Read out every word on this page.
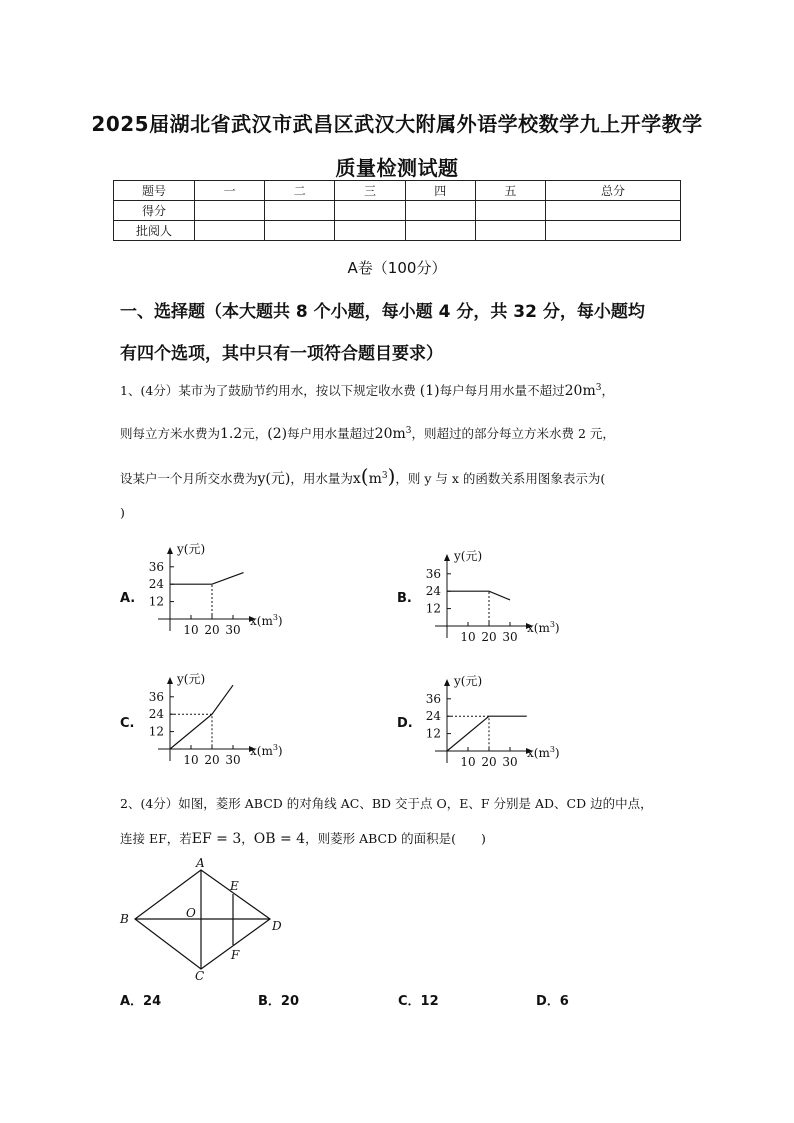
2025届湖北省武汉市武昌区武汉大附属外语学校数学九上开学教学
质量检测试题
题号	一	二	三	四	五	总分
得分						
批阅人						
A卷（100分）
一、选择题（本大题共 8 个小题，每小题 4 分，共 32 分，每小题均
有四个选项，其中只有一项符合题目要求）
1、(4分）某市为了鼓励节约用水，按以下规定收水费 (1)每户每月用水量不超过$20m^3$，
则每立方米水费为1.2元，(2)每户用水量超过$20m^3$，则超过的部分每立方米水费 2 元，
设某户一个月所交水费为y(元)，用水量为$x(m^3)$，则 y 与 x 的函数关系用图象表示为(
)
A.	B.
C.	D.
36
24
12
10 20 30
y(元)
$x(m^3)$
36
24
12
10 20 30
y(元)
$x(m^3)$
36
24
12
10 20 30
y(元)
$x(m^3)$
36
24
12
10 20 30
y(元)
$x(m^3)$
2、(4分）如图，菱形 ABCD 的对角线 AC、BD 交于点 O，E、F 分别是 AD、CD 边的中点，
连接 EF，若EF = 3，OB = 4，则菱形 ABCD 的面积是(　　)
A
B
C
D
E
F
O
A．24	B．20	C．12	D．6
